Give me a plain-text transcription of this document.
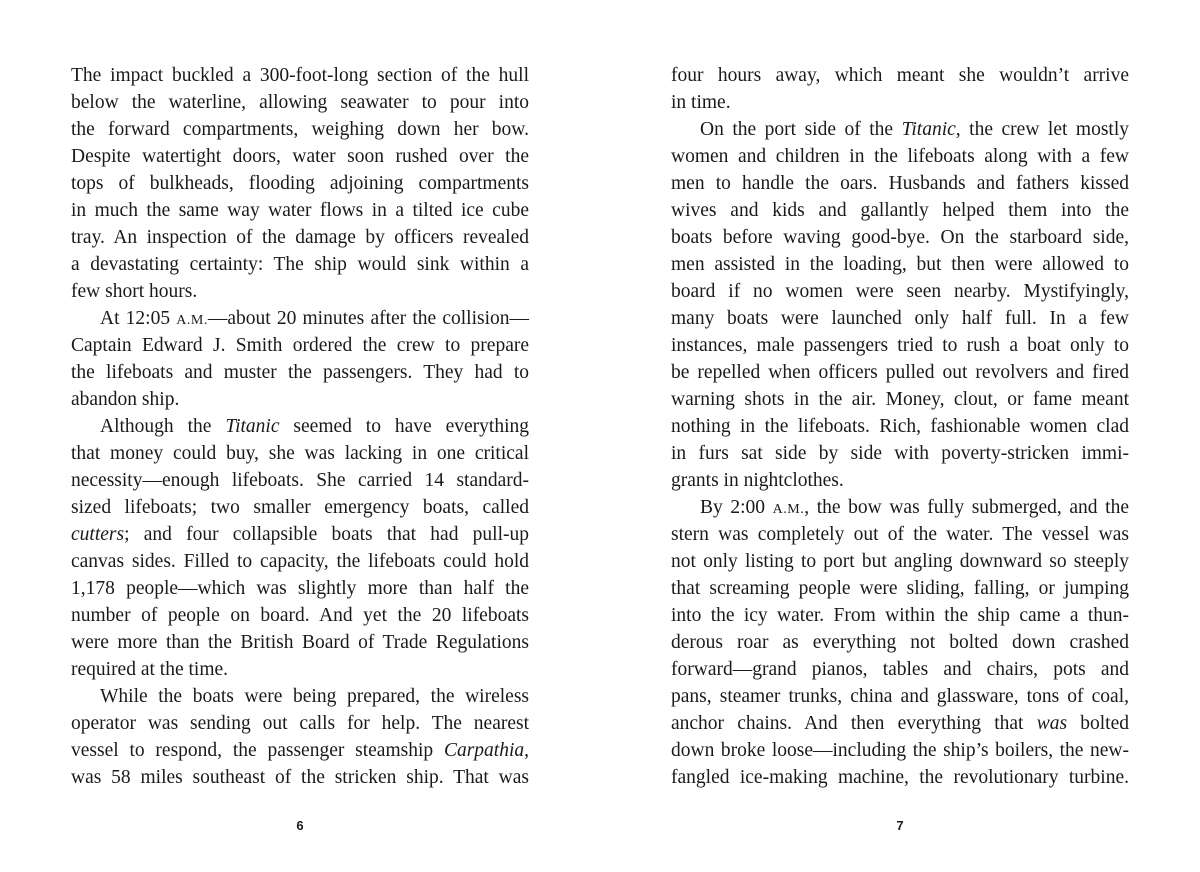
The impact buckled a 300-foot-long section of the hull
below the waterline, allowing seawater to pour into
the forward compartments, weighing down her bow.
Despite watertight doors, water soon rushed over the
tops of bulkheads, flooding adjoining compartments
in much the same way water flows in a tilted ice cube
tray. An inspection of the damage by officers revealed
a devastating certainty: The ship would sink within a
few short hours.
At 12:05 A.M.—about 20 minutes after the collision—
Captain Edward J. Smith ordered the crew to prepare
the lifeboats and muster the passengers. They had to
abandon ship.
Although the Titanic seemed to have everything
that money could buy, she was lacking in one critical
necessity—enough lifeboats. She carried 14 standard-
sized lifeboats; two smaller emergency boats, called
cutters; and four collapsible boats that had pull-up
canvas sides. Filled to capacity, the lifeboats could hold
1,178 people—which was slightly more than half the
number of people on board. And yet the 20 lifeboats
were more than the British Board of Trade Regulations
required at the time.
While the boats were being prepared, the wireless
operator was sending out calls for help. The nearest
vessel to respond, the passenger steamship Carpathia,
was 58 miles southeast of the stricken ship. That was
6
four hours away, which meant she wouldn’t arrive
in time.
On the port side of the Titanic, the crew let mostly
women and children in the lifeboats along with a few
men to handle the oars. Husbands and fathers kissed
wives and kids and gallantly helped them into the
boats before waving good-bye. On the starboard side,
men assisted in the loading, but then were allowed to
board if no women were seen nearby. Mystifyingly,
many boats were launched only half full. In a few
instances, male passengers tried to rush a boat only to
be repelled when officers pulled out revolvers and fired
warning shots in the air. Money, clout, or fame meant
nothing in the lifeboats. Rich, fashionable women clad
in furs sat side by side with poverty-stricken immi-
grants in nightclothes.
By 2:00 A.M., the bow was fully submerged, and the
stern was completely out of the water. The vessel was
not only listing to port but angling downward so steeply
that screaming people were sliding, falling, or jumping
into the icy water. From within the ship came a thun-
derous roar as everything not bolted down crashed
forward—grand pianos, tables and chairs, pots and
pans, steamer trunks, china and glassware, tons of coal,
anchor chains. And then everything that was bolted
down broke loose—including the ship’s boilers, the new-
fangled ice-making machine, the revolutionary turbine.
7
